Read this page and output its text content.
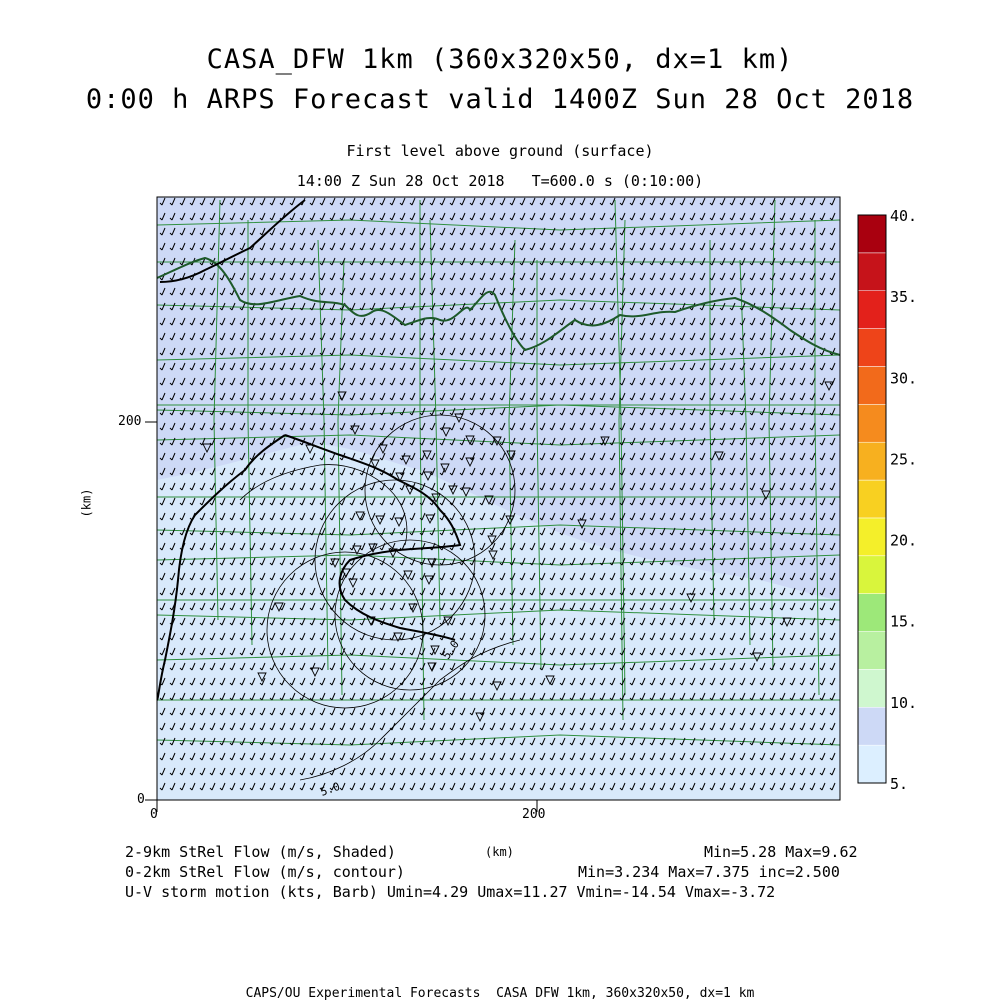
5.0
5.0
5.
10.
15.
20.
25.
30.
35.
40.
CASA_DFW 1km (360x320x50, dx=1 km)
0:00 h ARPS Forecast valid 1400Z Sun 28 Oct 2018
First level above ground (surface)
14:00 Z Sun 28 Oct 2018   T=600.0 s (0:10:00)
0	200
0
200
(km)
2-9km StRel Flow (m/s, Shaded)	(km)	Min=5.28 Max=9.62
0-2km StRel Flow (m/s, contour)	Min=3.234 Max=7.375 inc=2.500
U-V storm motion (kts, Barb) Umin=4.29 Umax=11.27 Vmin=-14.54 Vmax=-3.72
CAPS/OU Experimental Forecasts  CASA DFW 1km, 360x320x50, dx=1 km
